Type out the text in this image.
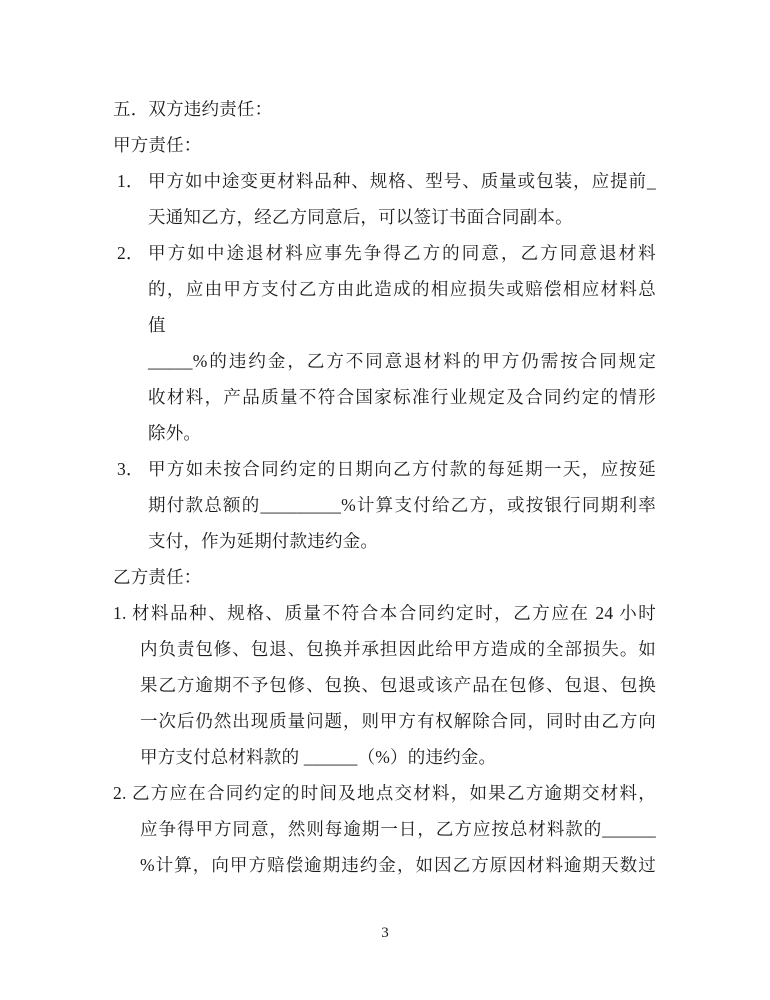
五．双方违约责任：
甲方责任：
1． 甲方如中途变更材料品种、规格、型号、质量或包装，应提前_
天通知乙方，经乙方同意后，可以签订书面合同副本。
2． 甲方如中途退材料应事先争得乙方的同意，乙方同意退材料
的，应由甲方支付乙方由此造成的相应损失或赔偿相应材料总
值
_____%的违约金，乙方不同意退材料的甲方仍需按合同规定
收材料，产品质量不符合国家标准行业规定及合同约定的情形
除外。
3． 甲方如未按合同约定的日期向乙方付款的每延期一天，应按延
期付款总额的_________%计算支付给乙方，或按银行同期利率
支付，作为延期付款违约金。
乙方责任：
1. 材料品种、规格、质量不符合本合同约定时，乙方应在 24 小时
内负责包修、包退、包换并承担因此给甲方造成的全部损失。如
果乙方逾期不予包修、包换、包退或该产品在包修、包退、包换
一次后仍然出现质量问题，则甲方有权解除合同，同时由乙方向
甲方支付总材料款的 ______（%）的违约金。
2. 乙方应在合同约定的时间及地点交材料，如果乙方逾期交材料，
应争得甲方同意，然则每逾期一日，乙方应按总材料款的______
%计算，向甲方赔偿逾期违约金，如因乙方原因材料逾期天数过
3
